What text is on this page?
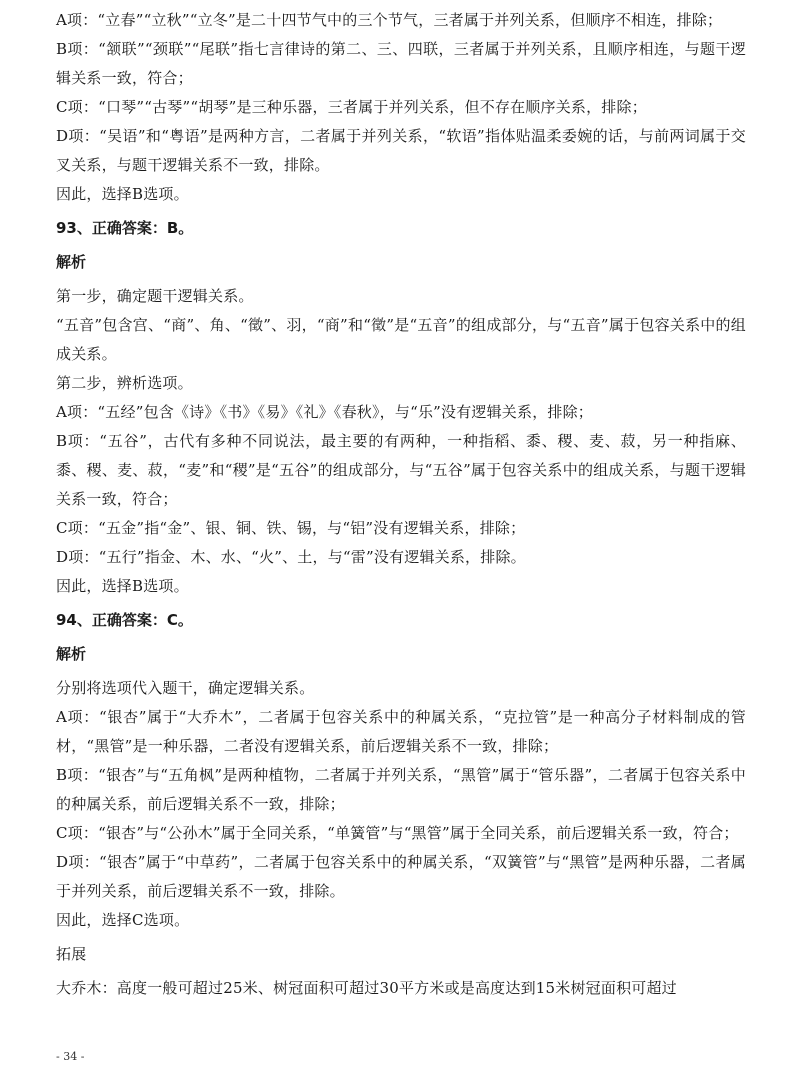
A项：“立春”“立秋”“立冬”是二十四节气中的三个节气，三者属于并列关系，但顺序不相连，排除；

B项：“颔联”“颈联”“尾联”指七言律诗的第二、三、四联，三者属于并列关系，且顺序相连，与题干逻辑关系一致，符合；

C项：“口琴”“古琴”“胡琴”是三种乐器，三者属于并列关系，但不存在顺序关系，排除；

D项：“吴语”和“粤语”是两种方言，二者属于并列关系，“软语”指体贴温柔委婉的话，与前两词属于交叉关系，与题干逻辑关系不一致，排除。

因此，选择B选项。

93、正确答案：B。

解析

第一步，确定题干逻辑关系。

“五音”包含宫、“商”、角、“徵”、羽，“商”和“徵”是“五音”的组成部分，与“五音”属于包容关系中的组成关系。

第二步，辨析选项。

A项：“五经”包含《诗》《书》《易》《礼》《春秋》，与“乐”没有逻辑关系，排除；

B项：“五谷”，古代有多种不同说法，最主要的有两种，一种指稻、黍、稷、麦、菽，另一种指麻、黍、稷、麦、菽，“麦”和“稷”是“五谷”的组成部分，与“五谷”属于包容关系中的组成关系，与题干逻辑关系一致，符合；

C项：“五金”指“金”、银、铜、铁、锡，与“铝”没有逻辑关系，排除；

D项：“五行”指金、木、水、“火”、土，与“雷”没有逻辑关系，排除。

因此，选择B选项。

94、正确答案：C。

解析

分别将选项代入题干，确定逻辑关系。

A项：“银杏”属于“大乔木”，二者属于包容关系中的种属关系，“克拉管”是一种高分子材料制成的管材，“黑管”是一种乐器，二者没有逻辑关系，前后逻辑关系不一致，排除；

B项：“银杏”与“五角枫”是两种植物，二者属于并列关系，“黑管”属于“管乐器”，二者属于包容关系中的种属关系，前后逻辑关系不一致，排除；

C项：“银杏”与“公孙木”属于全同关系，“单簧管”与“黑管”属于全同关系，前后逻辑关系一致，符合；

D项：“银杏”属于“中草药”，二者属于包容关系中的种属关系，“双簧管”与“黑管”是两种乐器，二者属于并列关系，前后逻辑关系不一致，排除。

因此，选择C选项。

拓展

大乔木：高度一般可超过25米、树冠面积可超过30平方米或是高度达到15米树冠面积可超过

- 34 -
